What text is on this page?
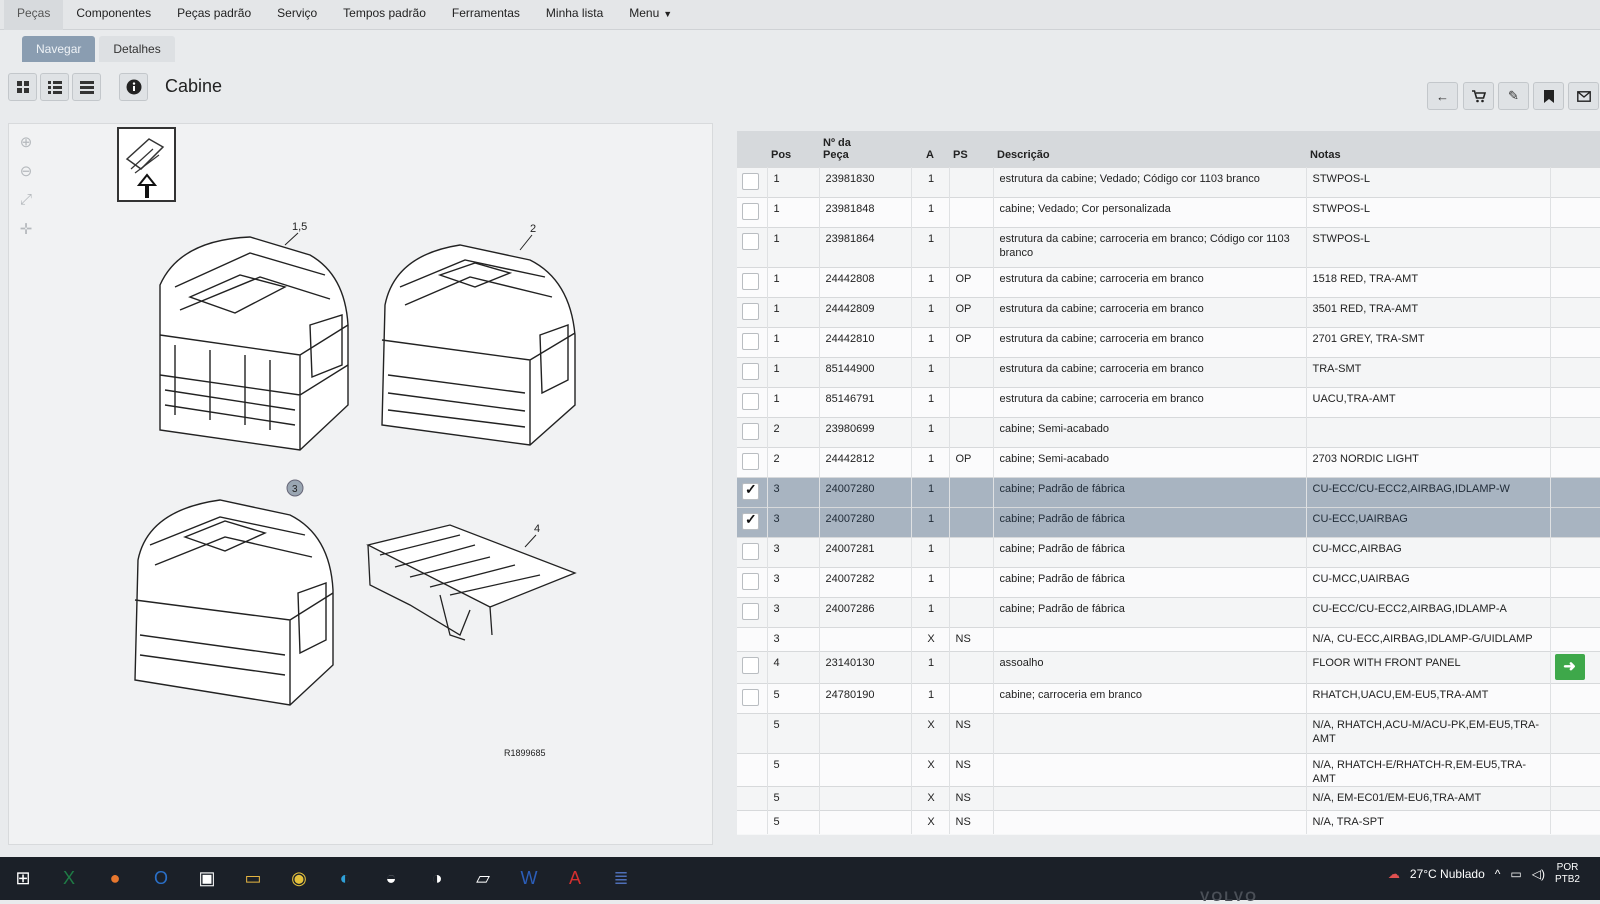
Peças	Componentes	Peças padrão	Serviço	Tempos padrão	Ferramentas	Minha lista	Menu ▼
Navegar	Detalhes
Cabine	←	✎
⊕
⊖
⤢
✛	1,5	2
3
4
R1899685
	Pos	Nº da
Peça	A	PS	Descrição	Notas	
	1	23981830	1		estrutura da cabine; Vedado; Código cor 1103 branco	STWPOS-L	
	1	23981848	1		cabine; Vedado; Cor personalizada	STWPOS-L	
	1	23981864	1		estrutura da cabine; carroceria em branco; Código cor 1103 branco	STWPOS-L	
	1	24442808	1	OP	estrutura da cabine; carroceria em branco	1518 RED, TRA-AMT	
	1	24442809	1	OP	estrutura da cabine; carroceria em branco	3501 RED, TRA-AMT	
	1	24442810	1	OP	estrutura da cabine; carroceria em branco	2701 GREY, TRA-SMT	
	1	85144900	1		estrutura da cabine; carroceria em branco	TRA-SMT	
	1	85146791	1		estrutura da cabine; carroceria em branco	UACU,TRA-AMT	
	2	23980699	1		cabine; Semi-acabado		
	2	24442812	1	OP	cabine; Semi-acabado	2703 NORDIC LIGHT	
✓	3	24007280	1		cabine; Padrão de fábrica	CU-ECC/CU-ECC2,AIRBAG,IDLAMP-W	
✓	3	24007280	1		cabine; Padrão de fábrica	CU-ECC,UAIRBAG	
	3	24007281	1		cabine; Padrão de fábrica	CU-MCC,AIRBAG	
	3	24007282	1		cabine; Padrão de fábrica	CU-MCC,UAIRBAG	
	3	24007286	1		cabine; Padrão de fábrica	CU-ECC/CU-ECC2,AIRBAG,IDLAMP-A	
	3		X	NS		N/A, CU-ECC,AIRBAG,IDLAMP-G/UIDLAMP	
	4	23140130	1		assoalho	FLOOR WITH FRONT PANEL	➜
	5	24780190	1		cabine; carroceria em branco	RHATCH,UACU,EM-EU5,TRA-AMT	
	5		X	NS		N/A, RHATCH,ACU-M/ACU-PK,EM-EU5,TRA-AMT	
	5		X	NS		N/A, RHATCH-E/RHATCH-R,EM-EU5,TRA-AMT	
	5		X	NS		N/A, EM-EC01/EM-EU6,TRA-AMT	
	5		X	NS		N/A, TRA-SPT	
⊞	X	●	O	▣	▭	◉	◐	◒	◑	▱	W	A	≣	☁ 27°C Nublado ^ ▭ ◁) POR
PTB2
VOLVO
